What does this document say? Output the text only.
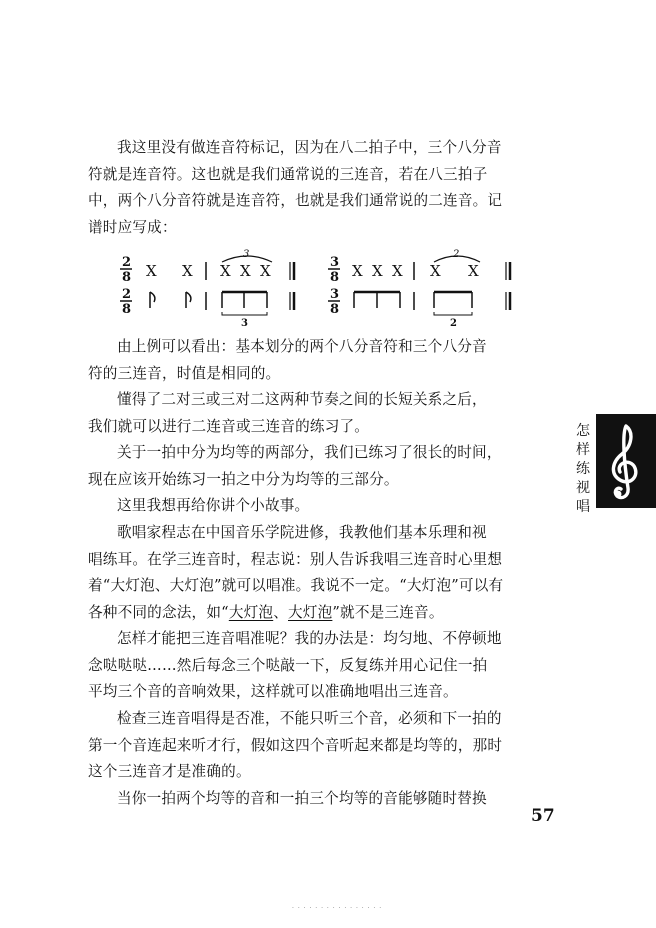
我这里没有做连音符标记，因为在八二拍子中，三个八分音
符就是连音符。这也就是我们通常说的三连音，若在八三拍子
中，两个八分音符就是连音符，也就是我们通常说的二连音。记
谱时应写成：

2
8 X X
3
X X X	3
8 X X X
2
X X
2
8
3
3
8
2

由上例可以看出：基本划分的两个八分音符和三个八分音
符的三连音，时值是相同的。

懂得了二对三或三对二这两种节奏之间的长短关系之后，
我们就可以进行二连音或三连音的练习了。

关于一拍中分为均等的两部分，我们已练习了很长的时间，
现在应该开始练习一拍之中分为均等的三部分。

这里我想再给你讲个小故事。

歌唱家程志在中国音乐学院进修，我教他们基本乐理和视
唱练耳。在学三连音时，程志说：别人告诉我唱三连音时心里想
着“大灯泡、大灯泡”就可以唱准。我说不一定。“大灯泡”可以有
各种不同的念法，如“大灯泡、大灯泡”就不是三连音。

怎样才能把三连音唱准呢？我的办法是：均匀地、不停顿地
念哒哒哒……然后每念三个哒敲一下，反复练并用心记住一拍
平均三个音的音响效果，这样就可以准确地唱出三连音。

检查三连音唱得是否准，不能只听三个音，必须和下一拍的
第一个音连起来听才行，假如这四个音听起来都是均等的，那时
这个三连音才是准确的。

当你一拍两个均等的音和一拍三个均等的音能够随时替换

怎
样
练
视
唱
57
· · · · · · · · · · · · · · · ·
